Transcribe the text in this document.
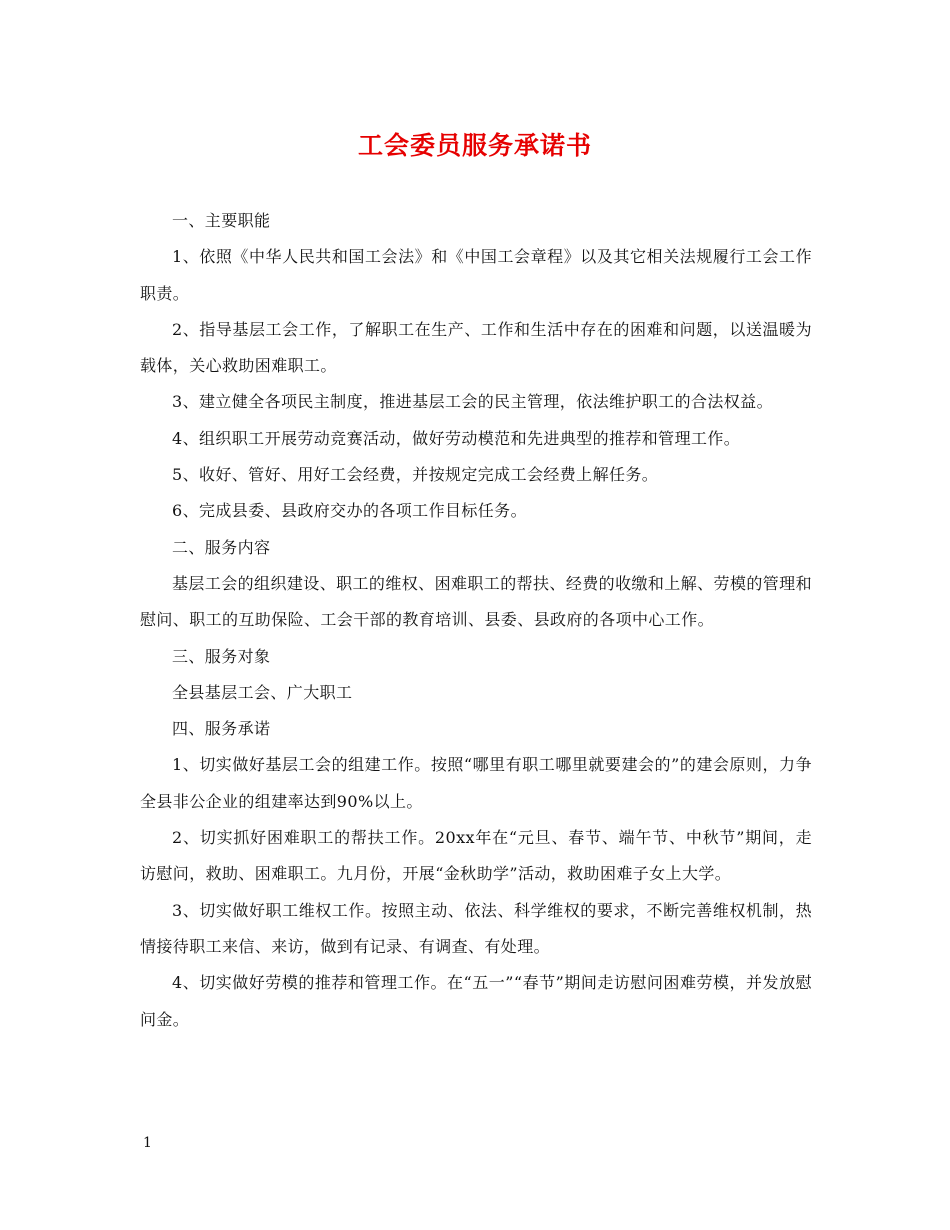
工会委员服务承诺书

一、主要职能

1、依照《中华人民共和国工会法》和《中国工会章程》以及其它相关法规履行工会工作职责。

2、指导基层工会工作，了解职工在生产、工作和生活中存在的困难和问题，以送温暖为载体，关心救助困难职工。

3、建立健全各项民主制度，推进基层工会的民主管理，依法维护职工的合法权益。

4、组织职工开展劳动竞赛活动，做好劳动模范和先进典型的推荐和管理工作。

5、收好、管好、用好工会经费，并按规定完成工会经费上解任务。

6、完成县委、县政府交办的各项工作目标任务。

二、服务内容

基层工会的组织建设、职工的维权、困难职工的帮扶、经费的收缴和上解、劳模的管理和慰问、职工的互助保险、工会干部的教育培训、县委、县政府的各项中心工作。

三、服务对象

全县基层工会、广大职工

四、服务承诺

1、切实做好基层工会的组建工作。按照“哪里有职工哪里就要建会的”的建会原则，力争全县非公企业的组建率达到90%以上。

2、切实抓好困难职工的帮扶工作。20xx年在“元旦、春节、端午节、中秋节”期间，走访慰问，救助、困难职工。九月份，开展“金秋助学”活动，救助困难子女上大学。

3、切实做好职工维权工作。按照主动、依法、科学维权的要求，不断完善维权机制，热情接待职工来信、来访，做到有记录、有调查、有处理。

4、切实做好劳模的推荐和管理工作。在“五一”“春节”期间走访慰问困难劳模，并发放慰问金。

1
